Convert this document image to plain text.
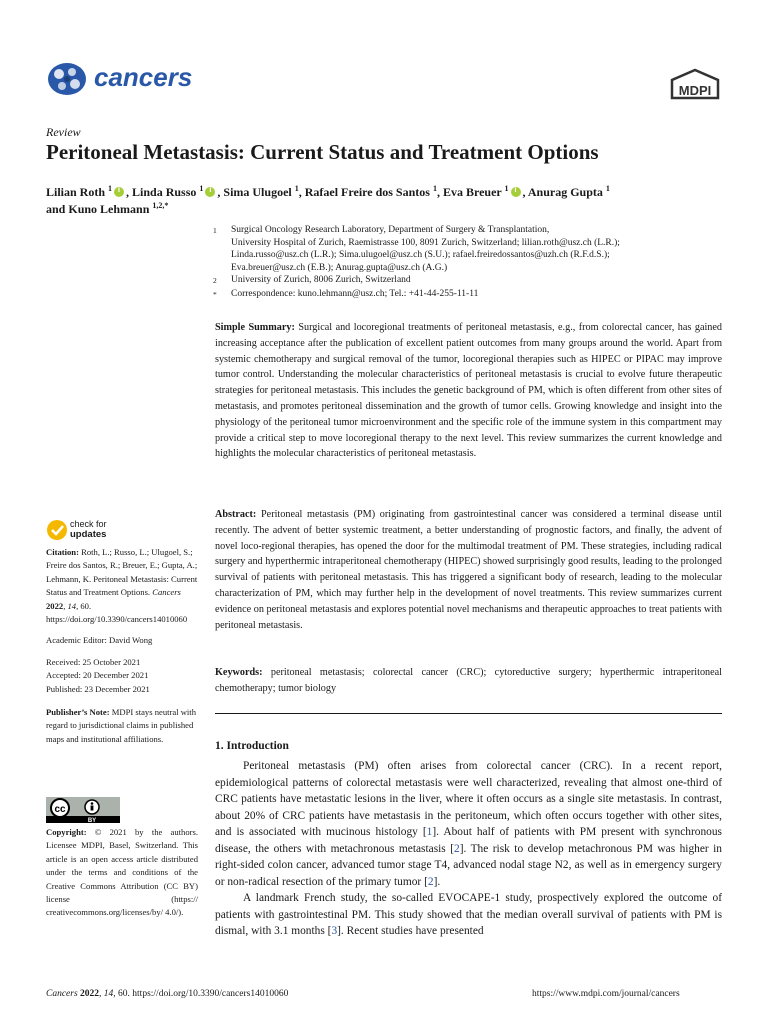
cancers	MDPI
Review
Peritoneal Metastasis: Current Status and Treatment Options
Lilian Roth $^1$ i , Linda Russo $^1$ i , Sima Ulugoel $^1$, Rafael Freire dos Santos $^1$, Eva Breuer $^1$ i , Anurag Gupta $^1$
and Kuno Lehmann $^{1,2,*}$
1	Surgical Oncology Research Laboratory, Department of Surgery & Transplantation,
University Hospital of Zurich, Raemistrasse 100, 8091 Zurich, Switzerland; lilian.roth@usz.ch (L.R.);
Linda.russo@usz.ch (L.R.); Sima.ulugoel@usz.ch (S.U.); rafael.freiredossantos@uzh.ch (R.F.d.S.);
Eva.breuer@usz.ch (E.B.); Anurag.gupta@usz.ch (A.G.)
2	University of Zurich, 8006 Zurich, Switzerland
*	Correspondence: kuno.lehmann@usz.ch; Tel.: +41-44-255-11-11
Simple Summary: Surgical and locoregional treatments of peritoneal metastasis, e.g., from colorectal cancer, has gained increasing acceptance after the publication of excellent patient outcomes from many groups around the world. Apart from systemic chemotherapy and surgical removal of the tumor, locoregional therapies such as HIPEC or PIPAC may improve tumor control. Understanding the molecular characteristics of peritoneal metastasis is crucial to evolve future therapeutic strategies for peritoneal metastasis. This includes the genetic background of PM, which is often different from other sites of metastasis, and promotes peritoneal dissemination and the growth of tumor cells. Growing knowledge and insight into the physiology of the peritoneal tumor microenvironment and the specific role of the immune system in this compartment may provide a critical step to move locoregional therapy to the next level. This review summarizes the current knowledge and highlights the molecular characteristics of peritoneal metastasis.
Abstract: Peritoneal metastasis (PM) originating from gastrointestinal cancer was considered a terminal disease until recently. The advent of better systemic treatment, a better understanding of prognostic factors, and finally, the advent of novel loco-regional therapies, has opened the door for the multimodal treatment of PM. These strategies, including radical surgery and hyperthermic intraperitoneal chemotherapy (HIPEC) showed surprisingly good results, leading to the prolonged survival of patients with peritoneal metastasis. This has triggered a significant body of research, leading to the molecular characterization of PM, which may further help in the development of novel treatments. This review summarizes current evidence on peritoneal metastasis and explores potential novel mechanisms and therapeutic approaches to treat patients with peritoneal metastasis.
Keywords: peritoneal metastasis; colorectal cancer (CRC); cytoreductive surgery; hyperthermic intraperitoneal chemotherapy; tumor biology
1. Introduction

Peritoneal metastasis (PM) often arises from colorectal cancer (CRC). In a recent report, epidemiological patterns of colorectal metastasis were well characterized, revealing that almost one-third of CRC patients have metastatic lesions in the liver, where it often occurs as a single site metastasis. In contrast, about 20% of CRC patients have metastasis in the peritoneum, which often occurs together with other sites, and is associated with mucinous histology [1]. About half of patients with PM present with synchronous disease, the others with metachronous metastasis [2]. The risk to develop metachronous PM was higher in right-sided colon cancer, advanced tumor stage T4, advanced nodal stage N2, as well as in emergency surgery or non-radical resection of the primary tumor [2].

A landmark French study, the so-called EVOCAPE-1 study, prospectively explored the outcome of patients with gastrointestinal PM. This study showed that the median overall survival of patients with PM is dismal, with 3.1 months [3]. Recent studies have presented

check for
updates

Citation: Roth, L.; Russo, L.; Ulugoel, S.; Freire dos Santos, R.; Breuer, E.; Gupta, A.; Lehmann, K. Peritoneal Metastasis: Current Status and Treatment Options. Cancers 2022, 14, 60. https://doi.org/10.3390/cancers14010060

Academic Editor: David Wong

Received: 25 October 2021
Accepted: 20 December 2021
Published: 23 December 2021

Publisher’s Note: MDPI stays neutral with regard to jurisdictional claims in published maps and institutional affiliations.

cc
BY
Copyright: © 2021 by the authors. Licensee MDPI, Basel, Switzerland. This article is an open access article distributed under the terms and conditions of the Creative Commons Attribution (CC BY) license (https:// creativecommons.org/licenses/by/ 4.0/).
Cancers 2022, 14, 60. https://doi.org/10.3390/cancers14010060	https://www.mdpi.com/journal/cancers
